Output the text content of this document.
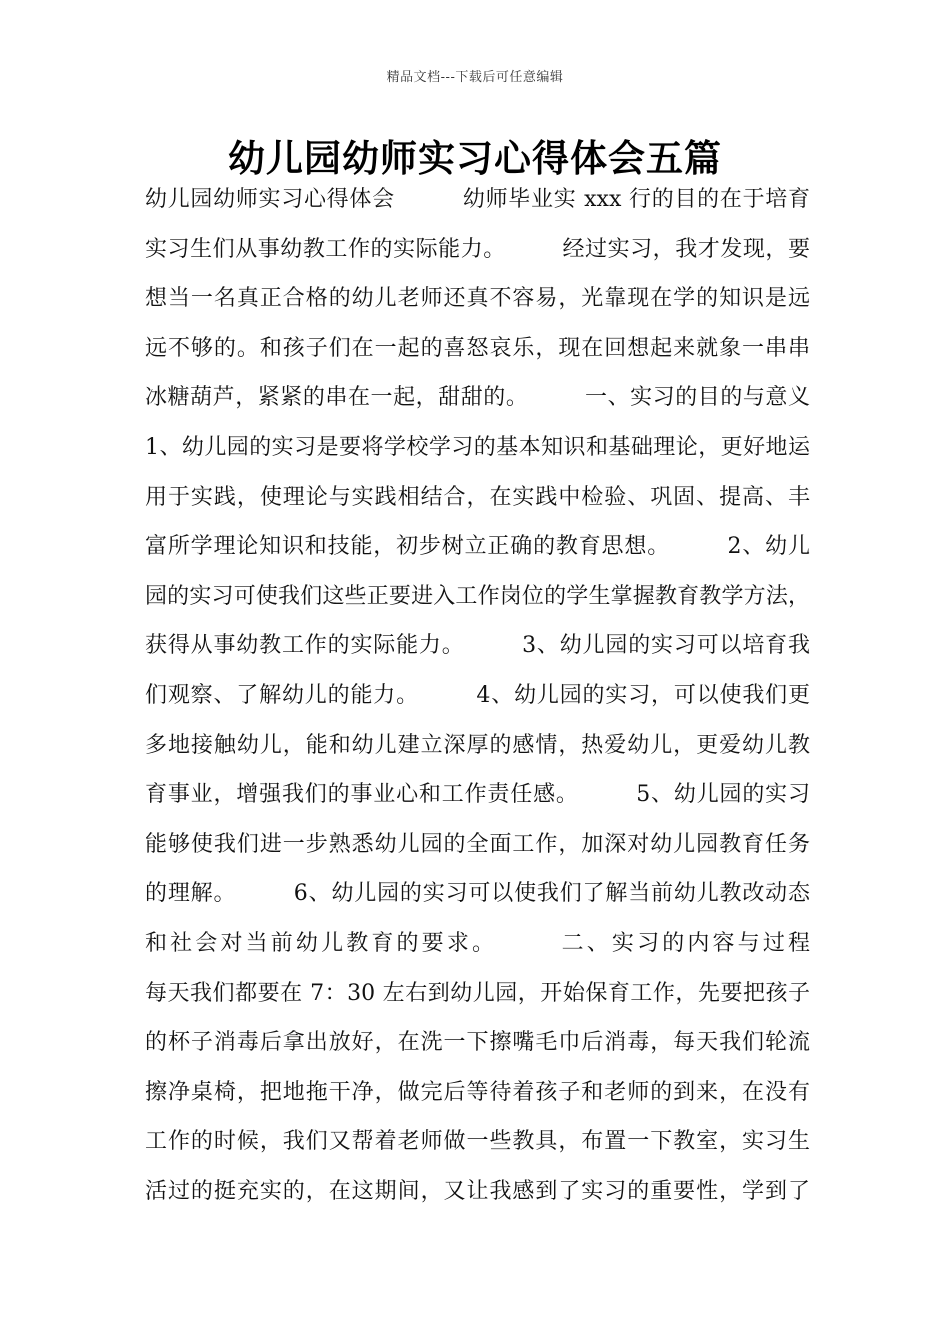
精品文档---下载后可任意编辑
幼儿园幼师实习心得体会五篇
幼儿园幼师实习心得体会　　　幼师毕业实 xxx 行的目的在于培育
实习生们从事幼教工作的实际能力。　　　经过实习，我才发现，要
想当一名真正合格的幼儿老师还真不容易，光靠现在学的知识是远
远不够的。和孩子们在一起的喜怒哀乐，现在回想起来就象一串串
冰糖葫芦，紧紧的串在一起，甜甜的。　　　一、实习的目的与意义
1、幼儿园的实习是要将学校学习的基本知识和基础理论，更好地运
用于实践，使理论与实践相结合，在实践中检验、巩固、提高、丰
富所学理论知识和技能，初步树立正确的教育思想。　　　2、幼儿
园的实习可使我们这些正要进入工作岗位的学生掌握教育教学方法，
获得从事幼教工作的实际能力。　　　3、幼儿园的实习可以培育我
们观察、了解幼儿的能力。　　　4、幼儿园的实习，可以使我们更
多地接触幼儿，能和幼儿建立深厚的感情，热爱幼儿，更爱幼儿教
育事业，增强我们的事业心和工作责任感。　　　5、幼儿园的实习
能够使我们进一步熟悉幼儿园的全面工作，加深对幼儿园教育任务
的理解。　　　6、幼儿园的实习可以使我们了解当前幼儿教改动态
和社会对当前幼儿教育的要求。　　　二、实习的内容与过程
每天我们都要在 7：30 左右到幼儿园，开始保育工作，先要把孩子
的杯子消毒后拿出放好，在洗一下擦嘴毛巾后消毒，每天我们轮流
擦净桌椅，把地拖干净，做完后等待着孩子和老师的到来，在没有
工作的时候，我们又帮着老师做一些教具，布置一下教室，实习生
活过的挺充实的，在这期间，又让我感到了实习的重要性，学到了
